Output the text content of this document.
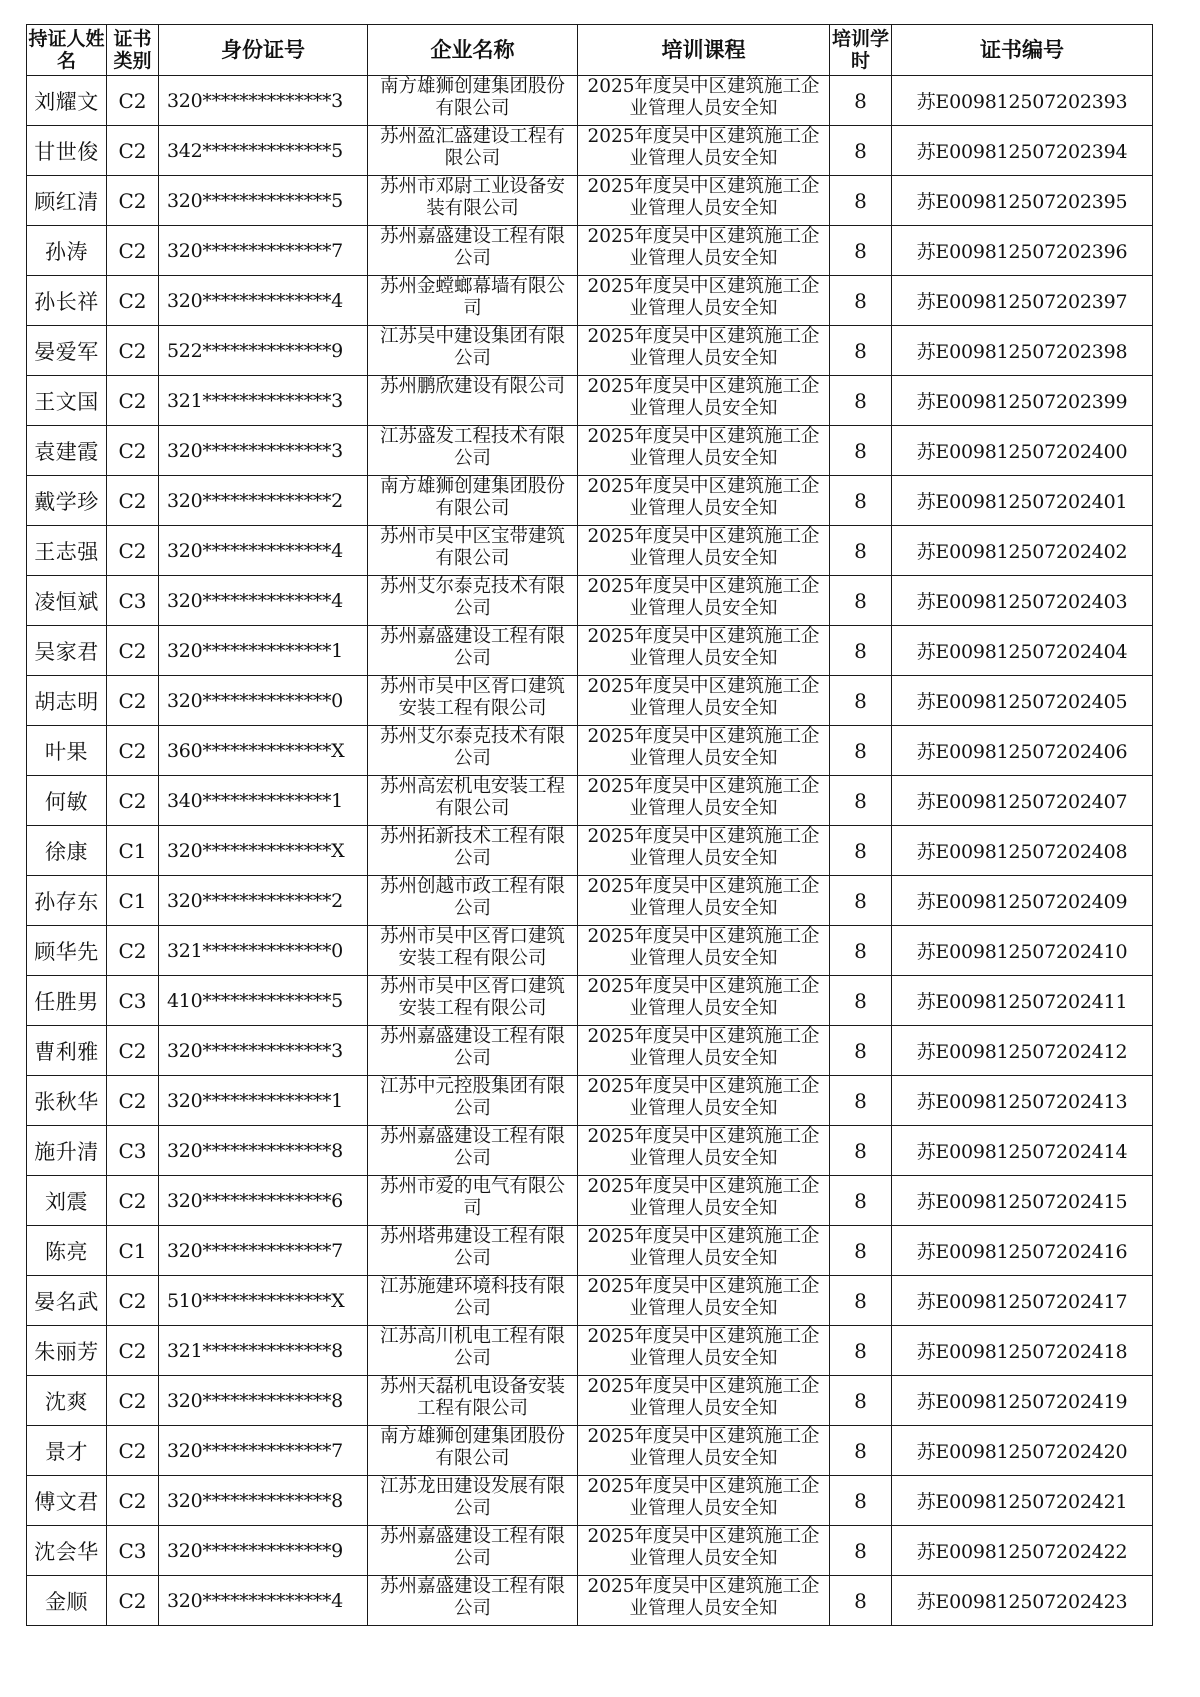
持证人姓名	证书类别	身份证号	企业名称	培训课程	培训学时	证书编号
刘耀文	C2	320**************3	南方雄狮创建集团股份有限公司	2025年度吴中区建筑施工企业管理人员安全知	8	苏E009812507202393
甘世俊	C2	342**************5	苏州盈汇盛建设工程有限公司	2025年度吴中区建筑施工企业管理人员安全知	8	苏E009812507202394
顾红清	C2	320**************5	苏州市邓尉工业设备安装有限公司	2025年度吴中区建筑施工企业管理人员安全知	8	苏E009812507202395
孙涛	C2	320**************7	苏州嘉盛建设工程有限公司	2025年度吴中区建筑施工企业管理人员安全知	8	苏E009812507202396
孙长祥	C2	320**************4	苏州金螳螂幕墙有限公司	2025年度吴中区建筑施工企业管理人员安全知	8	苏E009812507202397
晏爱军	C2	522**************9	江苏吴中建设集团有限公司	2025年度吴中区建筑施工企业管理人员安全知	8	苏E009812507202398
王文国	C2	321**************3	苏州鹏欣建设有限公司	2025年度吴中区建筑施工企业管理人员安全知	8	苏E009812507202399
袁建霞	C2	320**************3	江苏盛发工程技术有限公司	2025年度吴中区建筑施工企业管理人员安全知	8	苏E009812507202400
戴学珍	C2	320**************2	南方雄狮创建集团股份有限公司	2025年度吴中区建筑施工企业管理人员安全知	8	苏E009812507202401
王志强	C2	320**************4	苏州市吴中区宝带建筑有限公司	2025年度吴中区建筑施工企业管理人员安全知	8	苏E009812507202402
凌恒斌	C3	320**************4	苏州艾尔泰克技术有限公司	2025年度吴中区建筑施工企业管理人员安全知	8	苏E009812507202403
吴家君	C2	320**************1	苏州嘉盛建设工程有限公司	2025年度吴中区建筑施工企业管理人员安全知	8	苏E009812507202404
胡志明	C2	320**************0	苏州市吴中区胥口建筑安装工程有限公司	2025年度吴中区建筑施工企业管理人员安全知	8	苏E009812507202405
叶果	C2	360**************X	苏州艾尔泰克技术有限公司	2025年度吴中区建筑施工企业管理人员安全知	8	苏E009812507202406
何敏	C2	340**************1	苏州高宏机电安装工程有限公司	2025年度吴中区建筑施工企业管理人员安全知	8	苏E009812507202407
徐康	C1	320**************X	苏州拓新技术工程有限公司	2025年度吴中区建筑施工企业管理人员安全知	8	苏E009812507202408
孙存东	C1	320**************2	苏州创越市政工程有限公司	2025年度吴中区建筑施工企业管理人员安全知	8	苏E009812507202409
顾华先	C2	321**************0	苏州市吴中区胥口建筑安装工程有限公司	2025年度吴中区建筑施工企业管理人员安全知	8	苏E009812507202410
任胜男	C3	410**************5	苏州市吴中区胥口建筑安装工程有限公司	2025年度吴中区建筑施工企业管理人员安全知	8	苏E009812507202411
曹利雅	C2	320**************3	苏州嘉盛建设工程有限公司	2025年度吴中区建筑施工企业管理人员安全知	8	苏E009812507202412
张秋华	C2	320**************1	江苏中元控股集团有限公司	2025年度吴中区建筑施工企业管理人员安全知	8	苏E009812507202413
施升清	C3	320**************8	苏州嘉盛建设工程有限公司	2025年度吴中区建筑施工企业管理人员安全知	8	苏E009812507202414
刘震	C2	320**************6	苏州市爱的电气有限公司	2025年度吴中区建筑施工企业管理人员安全知	8	苏E009812507202415
陈亮	C1	320**************7	苏州塔弗建设工程有限公司	2025年度吴中区建筑施工企业管理人员安全知	8	苏E009812507202416
晏名武	C2	510**************X	江苏施建环境科技有限公司	2025年度吴中区建筑施工企业管理人员安全知	8	苏E009812507202417
朱丽芳	C2	321**************8	江苏高川机电工程有限公司	2025年度吴中区建筑施工企业管理人员安全知	8	苏E009812507202418
沈爽	C2	320**************8	苏州天磊机电设备安装工程有限公司	2025年度吴中区建筑施工企业管理人员安全知	8	苏E009812507202419
景才	C2	320**************7	南方雄狮创建集团股份有限公司	2025年度吴中区建筑施工企业管理人员安全知	8	苏E009812507202420
傅文君	C2	320**************8	江苏龙田建设发展有限公司	2025年度吴中区建筑施工企业管理人员安全知	8	苏E009812507202421
沈会华	C3	320**************9	苏州嘉盛建设工程有限公司	2025年度吴中区建筑施工企业管理人员安全知	8	苏E009812507202422
金顺	C2	320**************4	苏州嘉盛建设工程有限公司	2025年度吴中区建筑施工企业管理人员安全知	8	苏E009812507202423
